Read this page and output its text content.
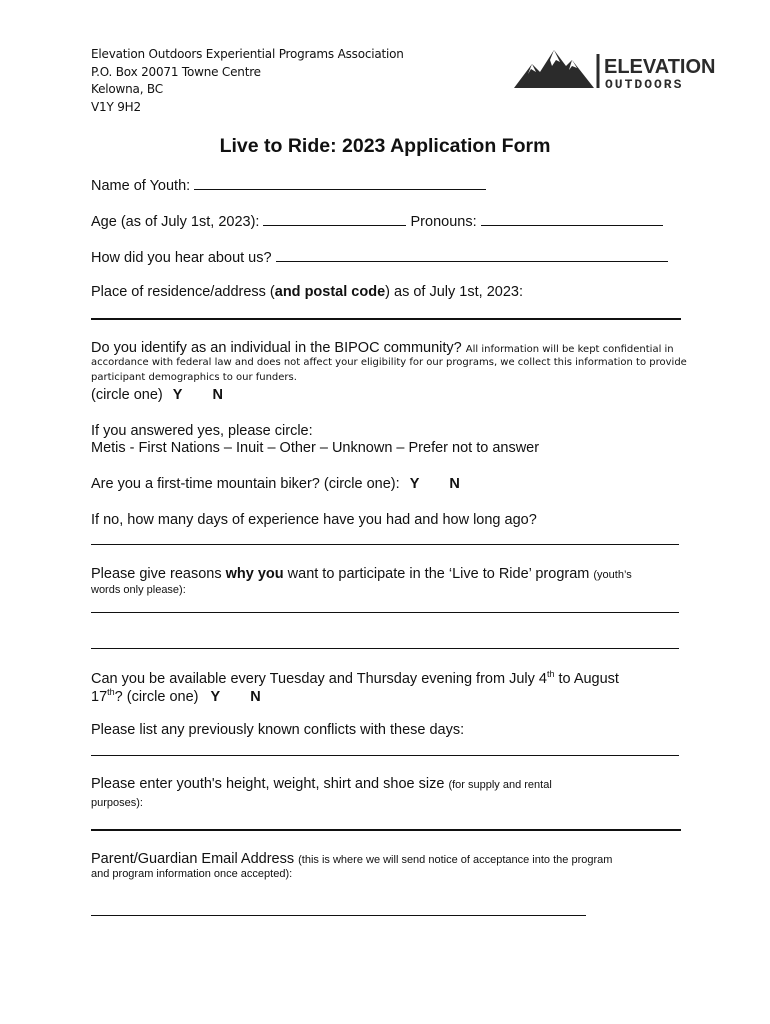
Elevation Outdoors Experiential Programs Association
P.O. Box 20071 Towne Centre
Kelowna, BC
V1Y 9H2
ELEVATION
OUTDOORS
Live to Ride: 2023 Application Form
Name of Youth:
Age (as of July 1st, 2023):	Pronouns:
How did you hear about us?
Place of residence/address (and postal code) as of July 1st, 2023:
Do you identify as an individual in the BIPOC community? All information will be kept confidential in
accordance with federal law and does not affect your eligibility for our programs, we collect this information to provide
participant demographics to our funders.
(circle one) Y N
If you answered yes, please circle:
Metis - First Nations – Inuit – Other – Unknown – Prefer not to answer
Are you a first-time mountain biker? (circle one): Y N
If no, how many days of experience have you had and how long ago?
Please give reasons why you want to participate in the ‘Live to Ride’ program (youth’s
words only please):
Can you be available every Tuesday and Thursday evening from July 4th to August
17th? (circle one) Y N
Please list any previously known conflicts with these days:
Please enter youth's height, weight, shirt and shoe size (for supply and rental
purposes):
Parent/Guardian Email Address (this is where we will send notice of acceptance into the program
and program information once accepted):
